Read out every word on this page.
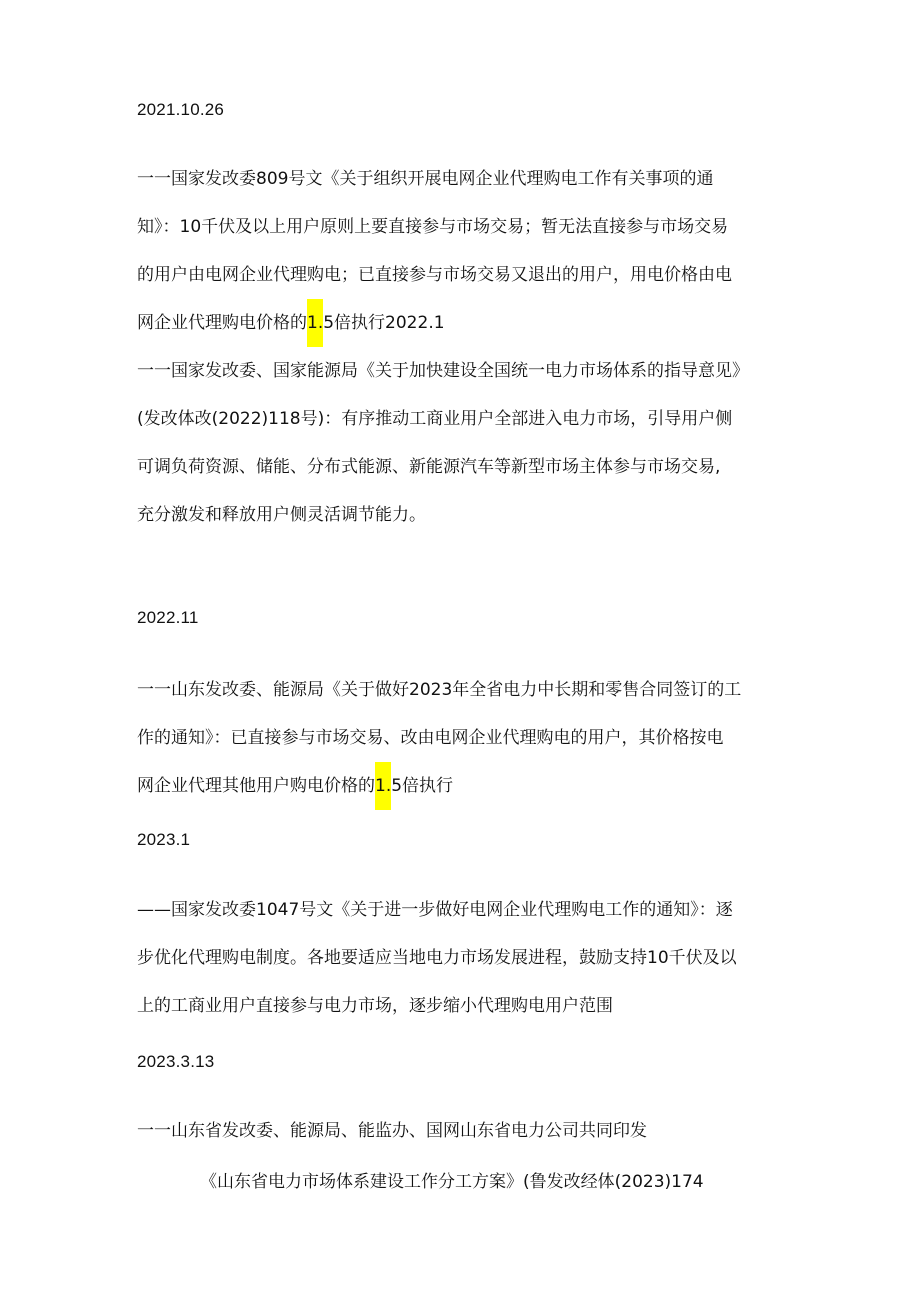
2021.10.26
一一国家发改委809号文《关于组织开展电网企业代理购电工作有关事项的通
知》：10千伏及以上用户原则上要直接参与市场交易；暂无法直接参与市场交易
的用户由电网企业代理购电；已直接参与市场交易又退出的用户，用电价格由电
网企业代理购电价格的1.5倍执行2022.1
一一国家发改委、国家能源局《关于加快建设全国统一电力市场体系的指导意见》
(发改体改(2022)118号)：有序推动工商业用户全部进入电力市场，引导用户侧
可调负荷资源、储能、分布式能源、新能源汽车等新型市场主体参与市场交易,
充分激发和释放用户侧灵活调节能力。
2022.11
一一山东发改委、能源局《关于做好2023年全省电力中长期和零售合同签订的工
作的通知》：已直接参与市场交易、改由电网企业代理购电的用户，其价格按电
网企业代理其他用户购电价格的1.5倍执行
2023.1
——国家发改委1047号文《关于进一步做好电网企业代理购电工作的通知》：逐
步优化代理购电制度。各地要适应当地电力市场发展进程，鼓励支持10千伏及以
上的工商业用户直接参与电力市场，逐步缩小代理购电用户范围
2023.3.13
一一山东省发改委、能源局、能监办、国网山东省电力公司共同印发
《山东省电力市场体系建设工作分工方案》(鲁发改经体(2023)174
